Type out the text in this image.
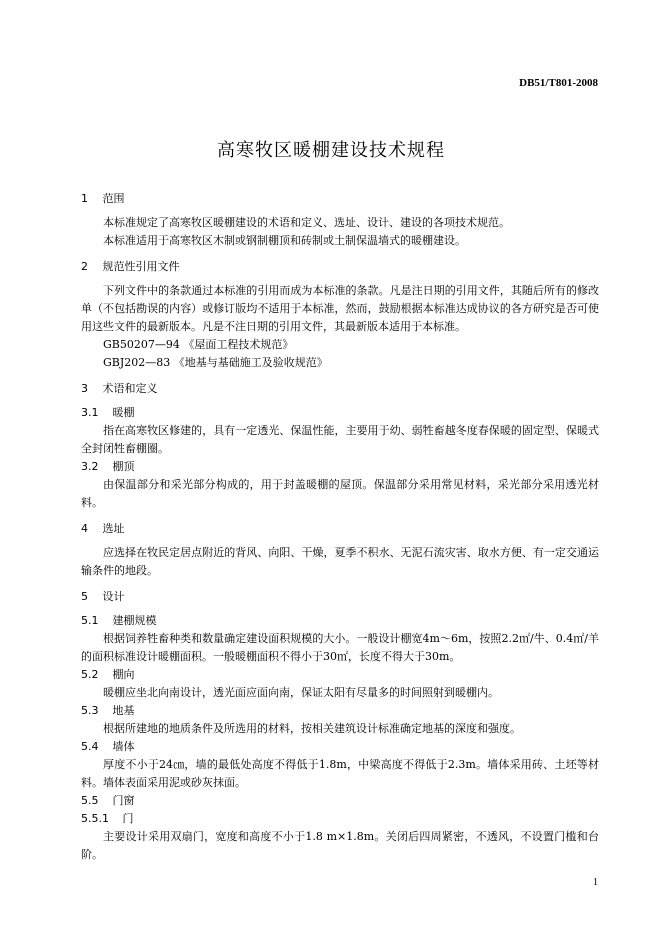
DB51/T801-2008
高寒牧区暖棚建设技术规程
1 范围

本标准规定了高寒牧区暖棚建设的术语和定义、选址、设计、建设的各项技术规范。

本标准适用于高寒牧区木制或钢制棚顶和砖制或土制保温墙式的暖棚建设。

2 规范性引用文件

下列文件中的条款通过本标准的引用而成为本标准的条款。凡是注日期的引用文件，其随后所有的修改单（不包括勘误的内容）或修订版均不适用于本标准，然而，鼓励根据本标准达成协议的各方研究是否可使用这些文件的最新版本。凡是不注日期的引用文件，其最新版本适用于本标准。

GB50207—94 《屋面工程技术规范》
GBJ202—83 《地基与基础施工及验收规范》
3 术语和定义
3.1 暖棚

指在高寒牧区修建的，具有一定透光、保温性能，主要用于幼、弱牲畜越冬度春保暖的固定型、保暖式全封闭牲畜棚圈。

3.2 棚顶

由保温部分和采光部分构成的，用于封盖暖棚的屋顶。保温部分采用常见材料，采光部分采用透光材料。

4 选址

应选择在牧民定居点附近的背风、向阳、干燥，夏季不积水、无泥石流灾害、取水方便、有一定交通运输条件的地段。

5 设计
5.1 建棚规模

根据饲养牲畜种类和数量确定建设面积规模的大小。一般设计棚宽4m～6m，按照2.2㎡/牛、0.4㎡/羊的面积标准设计暖棚面积。一般暖棚面积不得小于30㎡，长度不得大于30m。

5.2 棚向

暖棚应坐北向南设计，透光面应面向南，保证太阳有尽量多的时间照射到暖棚内。

5.3 地基

根据所建地的地质条件及所选用的材料，按相关建筑设计标准确定地基的深度和强度。

5.4 墙体

厚度不小于24㎝，墙的最低处高度不得低于1.8m，中梁高度不得低于2.3m。墙体采用砖、土坯等材料。墙体表面采用泥或砂灰抹面。

5.5 门窗
5.5.1 门

主要设计采用双扇门，宽度和高度不小于1.8 m×1.8m。关闭后四周紧密，不透风，不设置门槛和台阶。

1
